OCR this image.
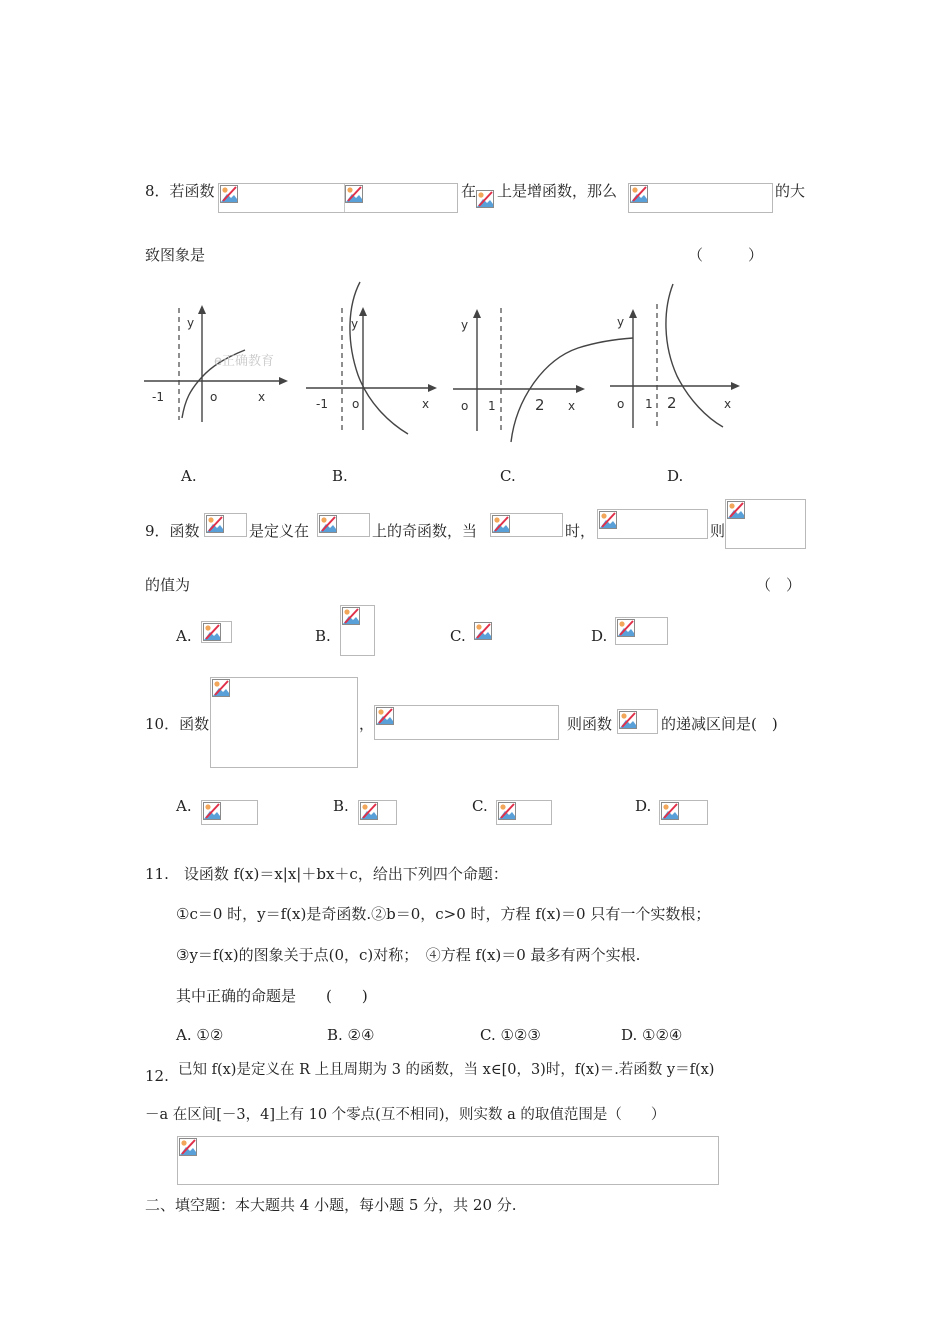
8．若函数	在 上是增函数，那么	的大
致图象是	（　　　）
y
x
o
-1
e正确教育
y
x
o
-1
y
x
o 1	2
y
x
o 1 2
A.	B.	C.	D.
9．函数	是定义在	上的奇函数，当	时，	则
的值为	（　）
A.	B.	C.	D.
10．函数	，	则函数	的递减区间是(　)
A.	B.	C.	D.
11.　设函数 f(x)＝x|x|＋bx＋c，给出下列四个命题：
①c＝0 时，y＝f(x)是奇函数.②b＝0，c>0 时，方程 f(x)＝0 只有一个实数根；
③y＝f(x)的图象关于点(0，c)对称；　④方程 f(x)＝0 最多有两个实根.
其中正确的命题是　　(　　)
A. ①②	B. ②④	C. ①②③	D. ①②④
12. 已知 f(x)是定义在 R 上且周期为 3 的函数，当 x∈[0，3)时，f(x)＝.若函数 y＝f(x)
－a 在区间[－3，4]上有 10 个零点(互不相同)，则实数 a 的取值范围是（　　）
二、填空题：本大题共 4 小题，每小题 5 分，共 20 分.
